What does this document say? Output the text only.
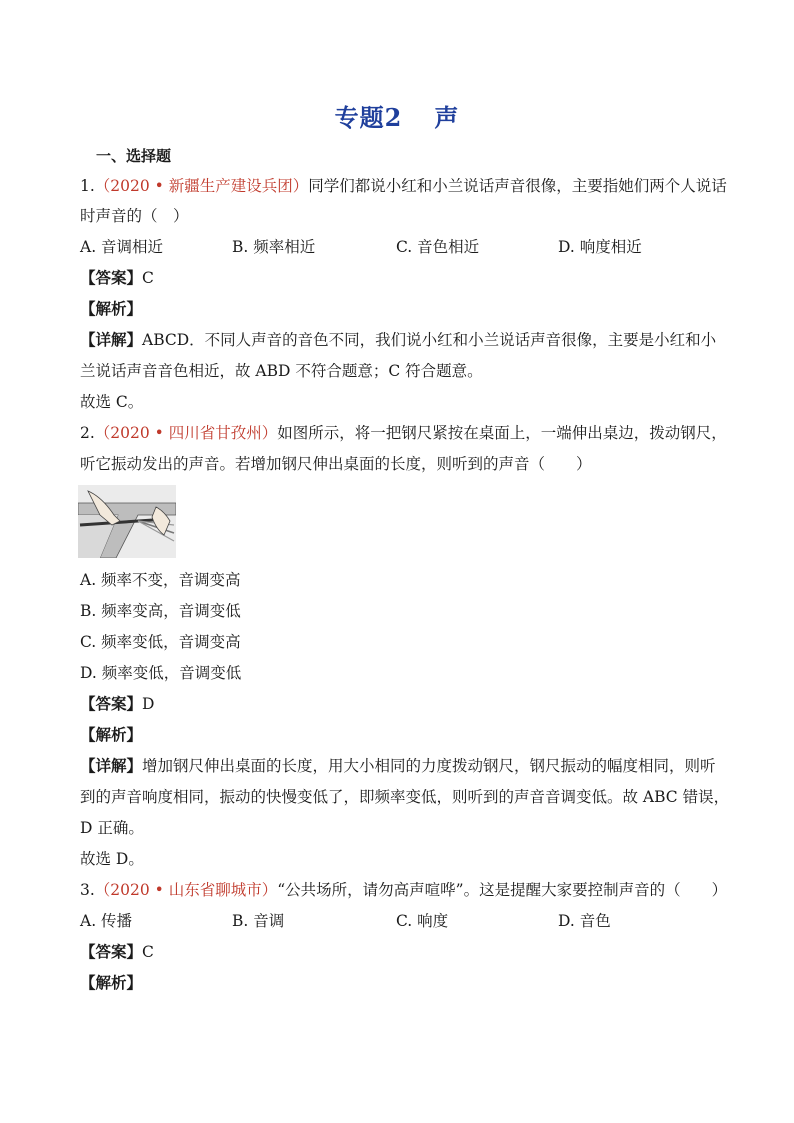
专题2 声
一、选择题
1.（2020 • 新疆生产建设兵团）同学们都说小红和小兰说话声音很像，主要指她们两个人说话
时声音的（　）
A. 音调相近	B. 频率相近	C. 音色相近	D. 响度相近
【答案】C
【解析】
【详解】ABCD．不同人声音的音色不同，我们说小红和小兰说话声音很像，主要是小红和小
兰说话声音音色相近，故 ABD 不符合题意；C 符合题意。
故选 C。
2.（2020 • 四川省甘孜州）如图所示，将一把钢尺紧按在桌面上，一端伸出桌边，拨动钢尺，
听它振动发出的声音。若增加钢尺伸出桌面的长度，则听到的声音（　　）
A. 频率不变，音调变高
B. 频率变高，音调变低
C. 频率变低，音调变高
D. 频率变低，音调变低
【答案】D
【解析】
【详解】增加钢尺伸出桌面的长度，用大小相同的力度拨动钢尺，钢尺振动的幅度相同，则听
到的声音响度相同，振动的快慢变低了，即频率变低，则听到的声音音调变低。故 ABC 错误，
D 正确。
故选 D。
3.（2020 • 山东省聊城市）“公共场所，请勿高声喧哗”。这是提醒大家要控制声音的（　　）
A. 传播	B. 音调	C. 响度	D. 音色
【答案】C
【解析】
